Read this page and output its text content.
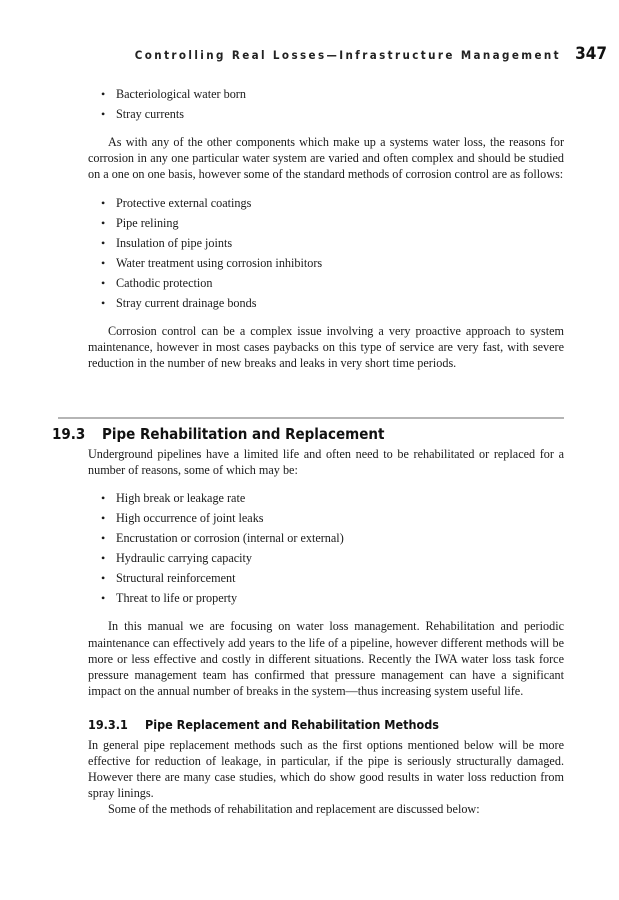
Controlling Real Losses—Infrastructure Management 347
• Bacteriological water born
• Stray currents

As with any of the other components which make up a systems water loss, the reasons for corrosion in any one particular water system are varied and often complex and should be studied on a one on one basis, however some of the standard methods of corrosion control are as follows:

• Protective external coatings
• Pipe relining
• Insulation of pipe joints
• Water treatment using corrosion inhibitors
• Cathodic protection
• Stray current drainage bonds

Corrosion control can be a complex issue involving a very proactive approach to system maintenance, however in most cases paybacks on this type of service are very fast, with severe reduction in the number of new breaks and leaks in very short time periods.

19.3 Pipe Rehabilitation and Replacement

Underground pipelines have a limited life and often need to be rehabilitated or replaced for a number of reasons, some of which may be:

• High break or leakage rate
• High occurrence of joint leaks
• Encrustation or corrosion (internal or external)
• Hydraulic carrying capacity
• Structural reinforcement
• Threat to life or property

In this manual we are focusing on water loss management. Rehabilitation and periodic maintenance can effectively add years to the life of a pipeline, however different methods will be more or less effective and costly in different situations. Recently the IWA water loss task force pressure management team has confirmed that pressure management can have a significant impact on the annual number of breaks in the system—thus increasing system useful life.

19.3.1 Pipe Replacement and Rehabilitation Methods

In general pipe replacement methods such as the first options mentioned below will be more effective for reduction of leakage, in particular, if the pipe is seriously structurally damaged. However there are many case studies, which do show good results in water loss reduction from spray linings.

Some of the methods of rehabilitation and replacement are discussed below:
